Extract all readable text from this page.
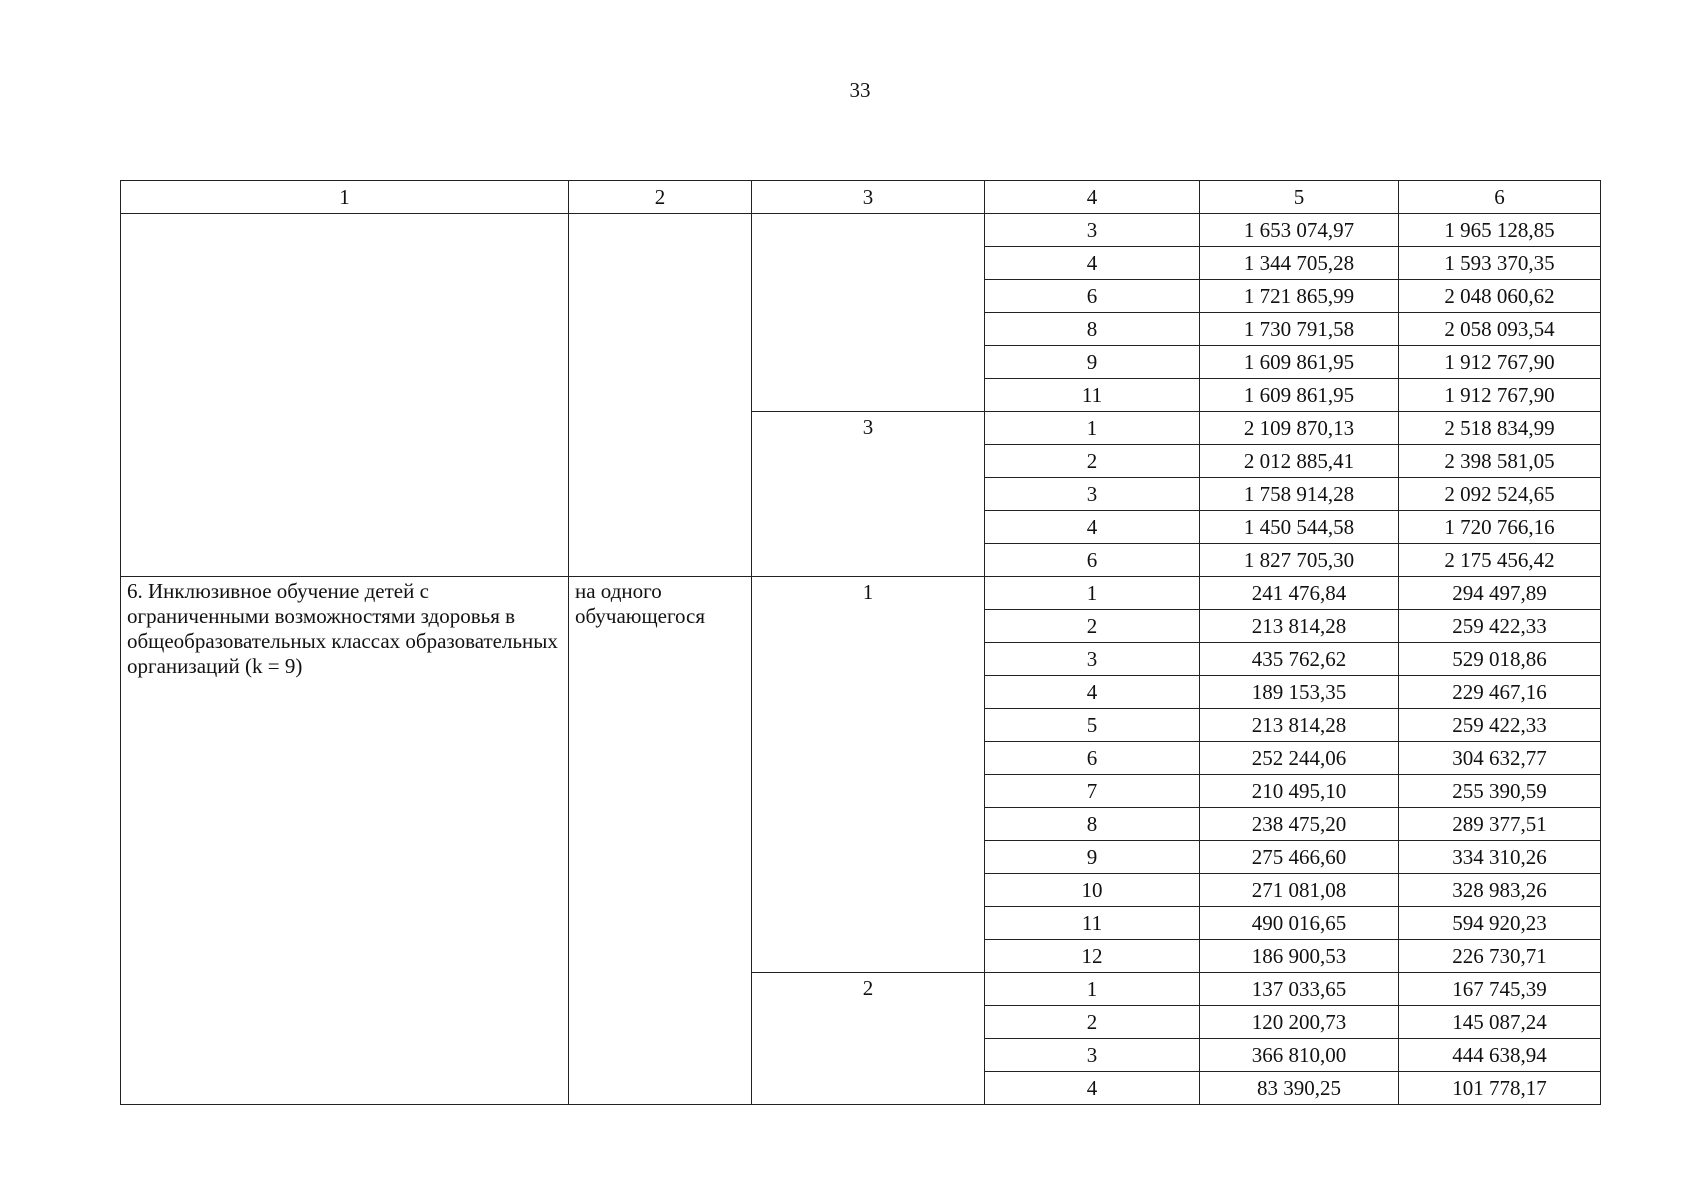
33
1	2	3	4	5	6
			3	1 653 074,97	1 965 128,85
			4	1 344 705,28	1 593 370,35
			6	1 721 865,99	2 048 060,62
			8	1 730 791,58	2 058 093,54
			9	1 609 861,95	1 912 767,90
			11	1 609 861,95	1 912 767,90
		3	1	2 109 870,13	2 518 834,99
			2	2 012 885,41	2 398 581,05
			3	1 758 914,28	2 092 524,65
			4	1 450 544,58	1 720 766,16
			6	1 827 705,30	2 175 456,42
6. Инклюзивное обучение детей с ограниченными возможностями здоровья в общеобразовательных классах образовательных организаций (k = 9)	на одного обучающегося	1	1	241 476,84	294 497,89
			2	213 814,28	259 422,33
			3	435 762,62	529 018,86
			4	189 153,35	229 467,16
			5	213 814,28	259 422,33
			6	252 244,06	304 632,77
			7	210 495,10	255 390,59
			8	238 475,20	289 377,51
			9	275 466,60	334 310,26
			10	271 081,08	328 983,26
			11	490 016,65	594 920,23
			12	186 900,53	226 730,71
		2	1	137 033,65	167 745,39
			2	120 200,73	145 087,24
			3	366 810,00	444 638,94
			4	83 390,25	101 778,17
